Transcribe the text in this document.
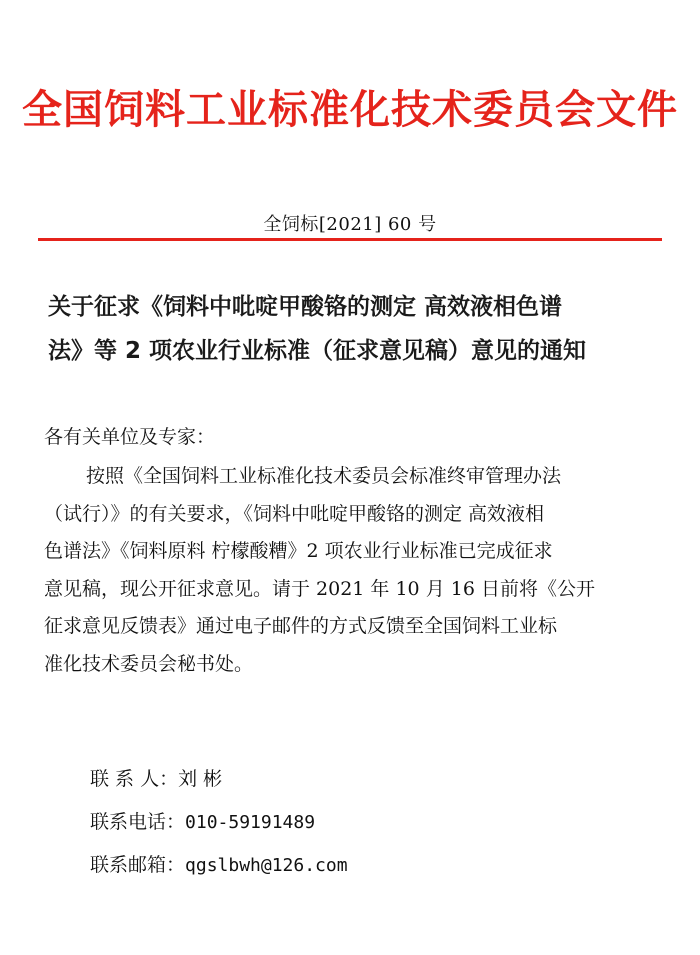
全国饲料工业标准化技术委员会文件
全饲标[2021] 60 号
关于征求《饲料中吡啶甲酸铬的测定 高效液相色谱
法》等 2 项农业行业标准（征求意见稿）意见的通知
各有关单位及专家：
按照《全国饲料工业标准化技术委员会标准终审管理办法
（试行）》的有关要求，《饲料中吡啶甲酸铬的测定 高效液相
色谱法》《饲料原料 柠檬酸糟》2 项农业行业标准已完成征求
意见稿，现公开征求意见。请于 2021 年 10 月 16 日前将《公开
征求意见反馈表》通过电子邮件的方式反馈至全国饲料工业标
准化技术委员会秘书处。
联 系 人：刘 彬
联系电话：010-59191489
联系邮箱：qgslbwh@126.com
